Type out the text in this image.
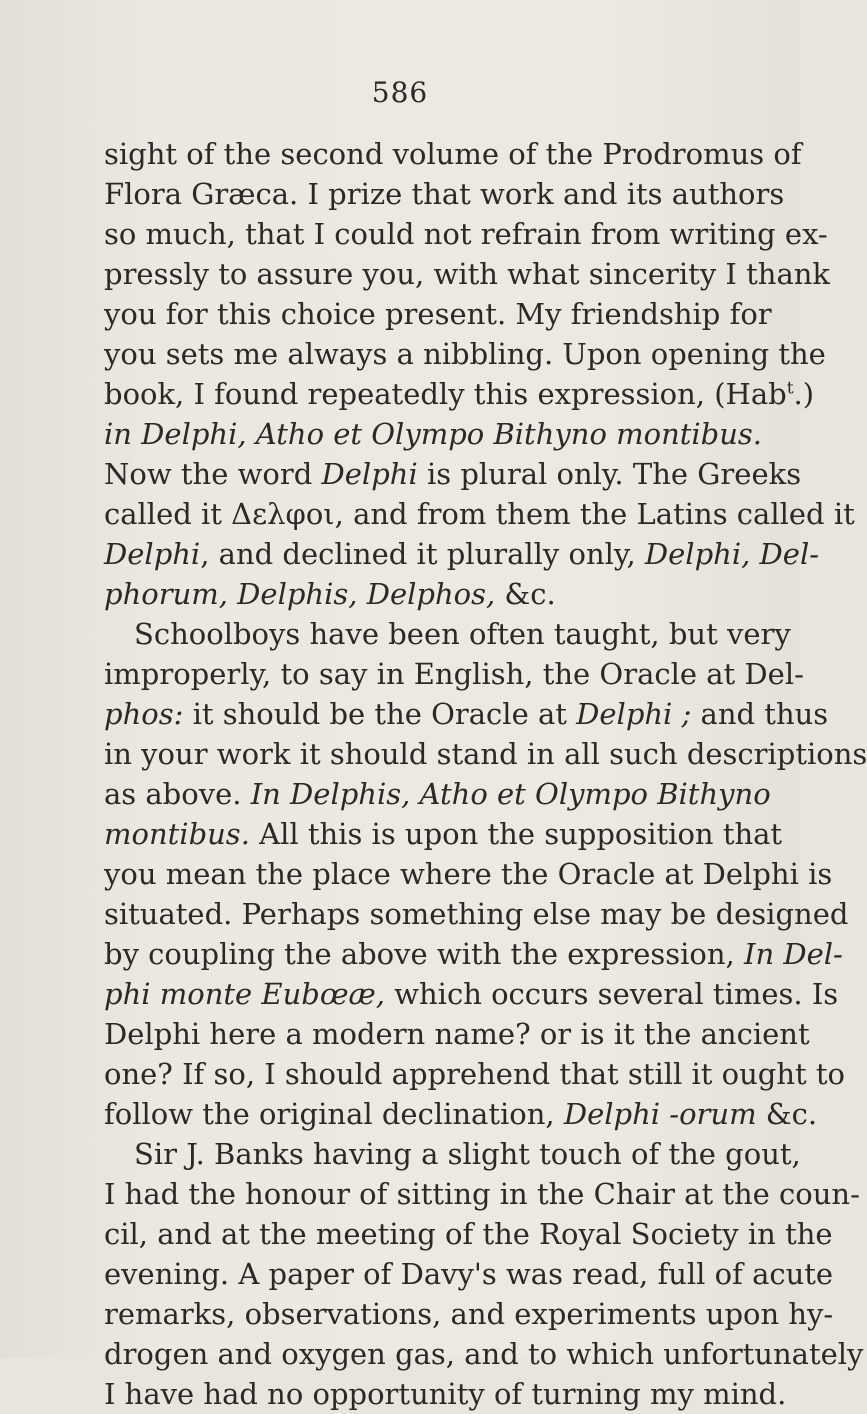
586
sight of the second volume of the Prodromus of
Flora Græca. I prize that work and its authors
so much, that I could not refrain from writing ex-
pressly to assure you, with what sincerity I thank
you for this choice present. My friendship for
you sets me always a nibbling. Upon opening the
book, I found repeatedly this expression, (Hab$^t$.)
in Delphi, Atho et Olympo Bithyno montibus.
Now the word Delphi is plural only. The Greeks
called it Δελφοι, and from them the Latins called it
Delphi, and declined it plurally only, Delphi, Del-
phorum, Delphis, Delphos, &c.
Schoolboys have been often taught, but very
improperly, to say in English, the Oracle at Del-
phos: it should be the Oracle at Delphi ; and thus
in your work it should stand in all such descriptions
as above. In Delphis, Atho et Olympo Bithyno
montibus. All this is upon the supposition that
you mean the place where the Oracle at Delphi is
situated. Perhaps something else may be designed
by coupling the above with the expression, In Del-
phi monte Eubœæ, which occurs several times. Is
Delphi here a modern name? or is it the ancient
one? If so, I should apprehend that still it ought to
follow the original declination, Delphi -orum &c.
Sir J. Banks having a slight touch of the gout,
I had the honour of sitting in the Chair at the coun-
cil, and at the meeting of the Royal Society in the
evening. A paper of Davy's was read, full of acute
remarks, observations, and experiments upon hy-
drogen and oxygen gas, and to which unfortunately
I have had no opportunity of turning my mind.
